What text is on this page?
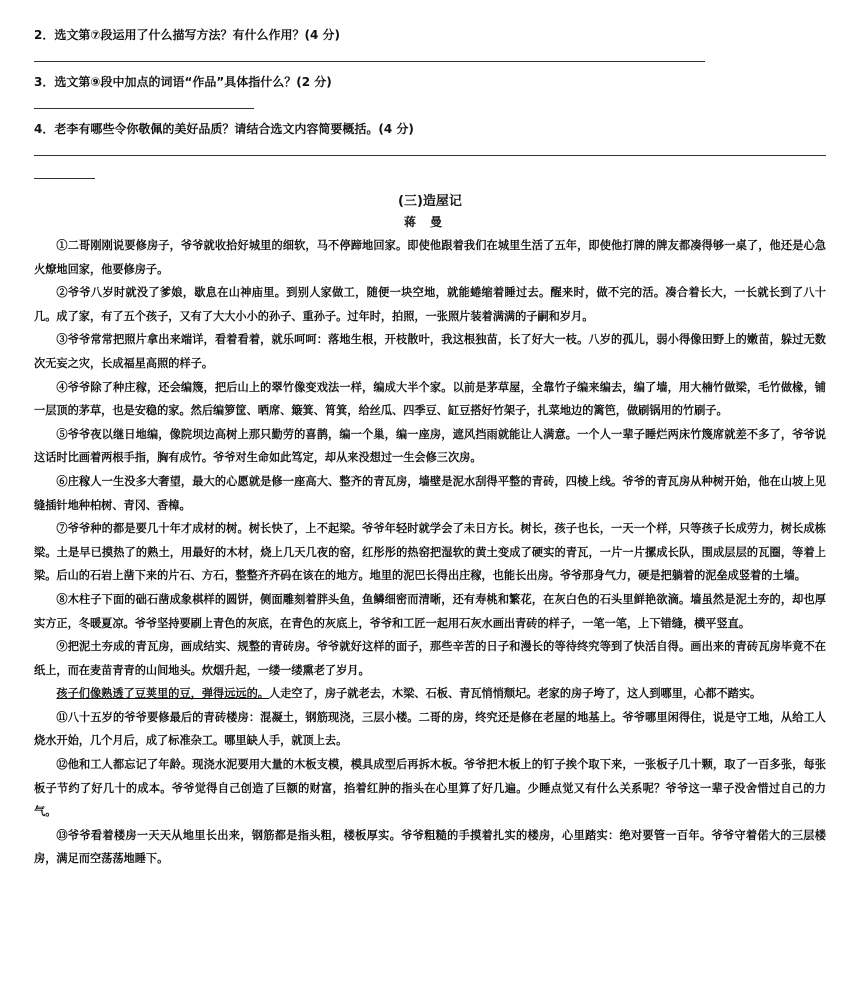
2．选文第⑦段运用了什么描写方法？有什么作用？(4 分)
3．选文第⑨段中加点的词语“作品”具体指什么？(2 分)
4．老李有哪些令你敬佩的美好品质？请结合选文内容简要概括。(4 分)
(三)造屋记
蒋曼

①二哥刚刚说要修房子，爷爷就收拾好城里的细软，马不停蹄地回家。即使他跟着我们在城里生活了五年，即使他打牌的牌友都凑得够一桌了，他还是心急火燎地回家，他要修房子。

②爷爷八岁时就没了爹娘，歇息在山神庙里。到别人家做工，随便一块空地，就能蜷缩着睡过去。醒来时，做不完的活。凑合着长大，一长就长到了八十几。成了家，有了五个孩子，又有了大大小小的孙子、重孙子。过年时，拍照，一张照片装着满满的子嗣和岁月。

③爷爷常常把照片拿出来端详，看着看着，就乐呵呵：落地生根，开枝散叶，我这根独苗，长了好大一枝。八岁的孤儿，弱小得像田野上的嫩苗，躲过无数次无妄之灾，长成福星高照的样子。

④爷爷除了种庄稼，还会编篾，把后山上的翠竹像变戏法一样，编成大半个家。以前是茅草屋，全靠竹子编来编去，编了墙，用大楠竹做梁，毛竹做椽，铺一层顶的茅草，也是安稳的家。然后编箩筐、晒席、簸箕、筲箕，给丝瓜、四季豆、缸豆搭好竹架子，扎菜地边的篱笆，做刷锅用的竹刷子。

⑤爷爷夜以继日地编，像院坝边高树上那只勤劳的喜鹊，编一个巢，编一座房，遮风挡雨就能让人满意。一个人一辈子睡烂两床竹篾席就差不多了，爷爷说这话时比画着两根手指，胸有成竹。爷爷对生命如此笃定，却从来没想过一生会修三次房。

⑥庄稼人一生没多大奢望，最大的心愿就是修一座高大、整齐的青瓦房，墙壁是泥水刮得平整的青砖，四棱上线。爷爷的青瓦房从种树开始，他在山坡上见缝插针地种柏树、青冈、香樟。

⑦爷爷种的都是要几十年才成材的树。树长快了，上不起梁。爷爷年轻时就学会了未日方长。树长，孩子也长，一天一个样，只等孩子长成劳力，树长成栋梁。土是早已摸热了的熟土，用最好的木材，烧上几天几夜的窑，红彤彤的热窑把湿软的黄土变成了硬实的青瓦，一片一片摞成长队，围成层层的瓦圈，等着上梁。后山的石岩上凿下来的片石、方石，整整齐齐码在该在的地方。地里的泥巴长得出庄稼，也能长出房。爷爷那身气力，硬是把躺着的泥垒成竖着的土墙。

⑧木柱子下面的础石凿成象棋样的圆饼，侧面雕刻着胖头鱼，鱼鳞细密而清晰，还有寿桃和繁花，在灰白色的石头里鲜艳欲滴。墙虽然是泥土夯的，却也厚实方正，冬暖夏凉。爷爷坚持要刷上青色的灰底，在青色的灰底上，爷爷和工匠一起用石灰水画出青砖的样子，一笔一笔，上下错缝，横平竖直。

⑨把泥土夯成的青瓦房，画成结实、规整的青砖房。爷爷就好这样的面子，那些辛苦的日子和漫长的等待终究等到了快活自得。画出来的青砖瓦房毕竟不在纸上，而在麦苗青青的山间地头。炊烟升起，一缕一缕熏老了岁月。

孩子们像熟透了豆荚里的豆，弹得远远的。人走空了，房子就老去，木梁、石板、青瓦悄悄颓圮。老家的房子垮了，这人到哪里，心都不踏实。

⑪八十五岁的爷爷要修最后的青砖楼房：混凝土，钢筋现浇，三层小楼。二哥的房，终究还是修在老屋的地基上。爷爷哪里闲得住，说是守工地，从给工人烧水开始，几个月后，成了标准杂工。哪里缺人手，就顶上去。

⑫他和工人都忘记了年龄。现浇水泥要用大量的木板支模，模具成型后再拆木板。爷爷把木板上的钉子挨个取下来，一张板子几十颗，取了一百多张，每张板子节约了好几十的成本。爷爷觉得自己创造了巨额的财富，掐着红肿的指头在心里算了好几遍。少睡点觉又有什么关系呢？爷爷这一辈子没舍惜过自己的力气。

⑬爷爷看着楼房一天天从地里长出来，钢筋都是指头粗，楼板厚实。爷爷粗糙的手摸着扎实的楼房，心里踏实：绝对要管一百年。爷爷守着偌大的三层楼房，满足而空荡荡地睡下。
